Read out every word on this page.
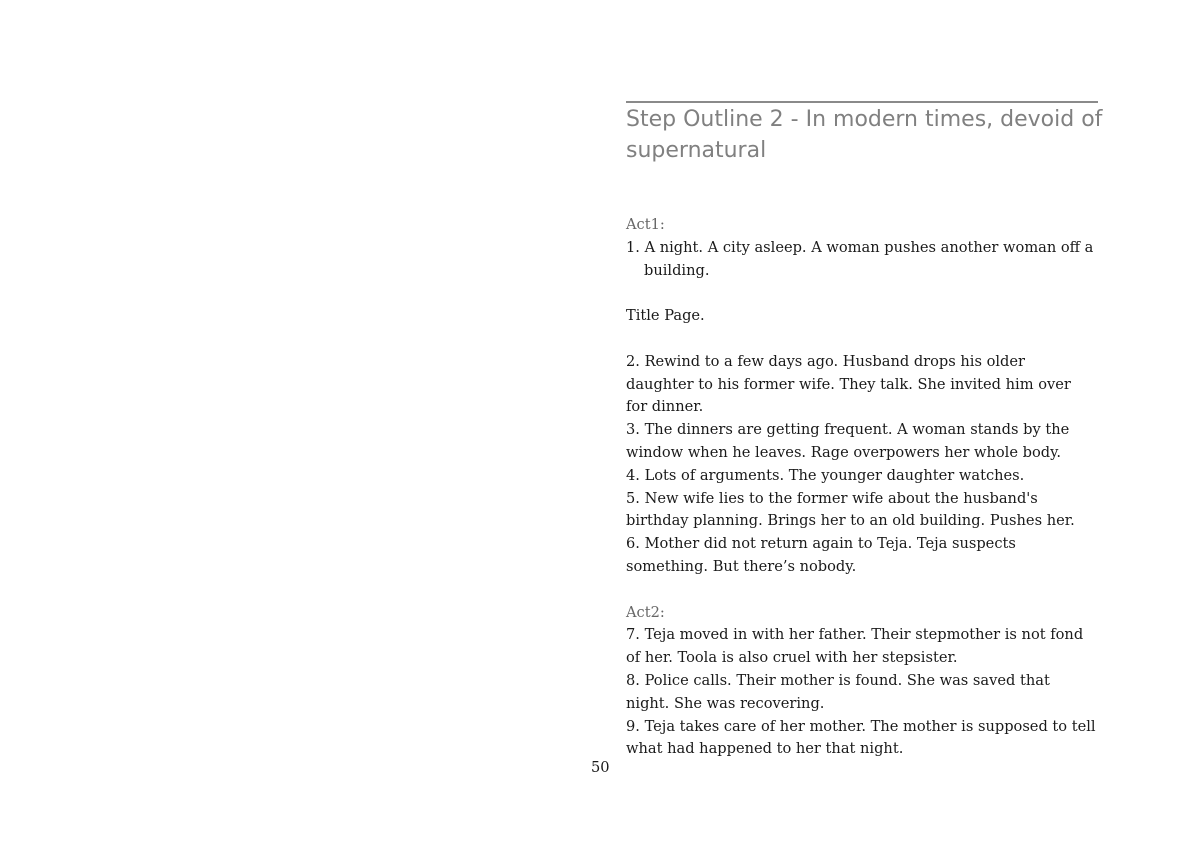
Step Outline 2 - In modern times, devoid of supernatural

Act1:

1. A night. A city asleep. A woman pushes another woman off a building.

Title Page.

2. Rewind to a few days ago. Husband drops his older daughter to his former wife. They talk. She invited him over for dinner.

3. The dinners are getting frequent. A woman stands by the window when he leaves. Rage overpowers her whole body.

4. Lots of arguments. The younger daughter watches.

5. New wife lies to the former wife about the husband's birthday planning. Brings her to an old building. Pushes her.

6. Mother did not return again to Teja. Teja suspects something. But there’s nobody.

Act2:

7. Teja moved in with her father. Their stepmother is not fond of her. Toola is also cruel with her stepsister.

8. Police calls. Their mother is found. She was saved that night. She was recovering.

9. Teja takes care of her mother. The mother is supposed to tell what had happened to her that night.

50
